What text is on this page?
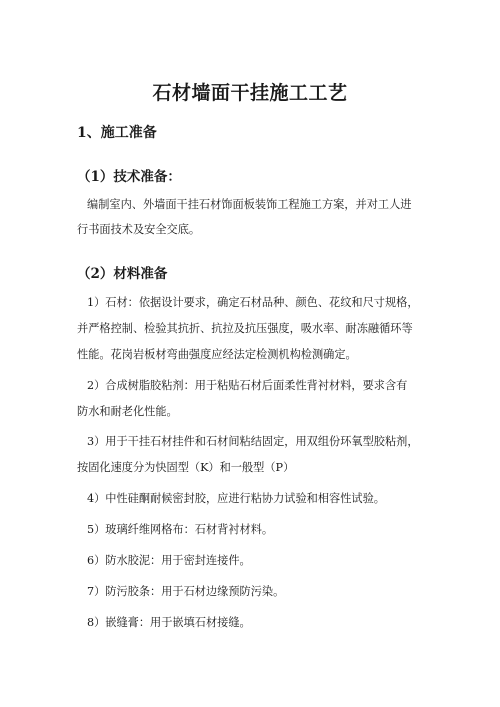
石材墙面干挂施工工艺
1、施工准备
（1）技术准备：
编制室内、外墙面干挂石材饰面板装饰工程施工方案，并对工人进
行书面技术及安全交底。
（2）材料准备
1）石材：依据设计要求，确定石材品种、颜色、花纹和尺寸规格，
并严格控制、检验其抗折、抗拉及抗压强度，吸水率、耐冻融循环等
性能。花岗岩板材弯曲强度应经法定检测机构检测确定。
2）合成树脂胶粘剂：用于粘贴石材后面柔性背衬材料，要求含有
防水和耐老化性能。
3）用于干挂石材挂件和石材间粘结固定，用双组份环氧型胶粘剂，
按固化速度分为快固型（K）和一般型（P）
4）中性硅酮耐候密封胶，应进行粘协力试验和相容性试验。
5）玻璃纤维网格布：石材背衬材料。
6）防水胶泥：用于密封连接件。
7）防污胶条：用于石材边缘预防污染。
8）嵌缝膏：用于嵌填石材接缝。
